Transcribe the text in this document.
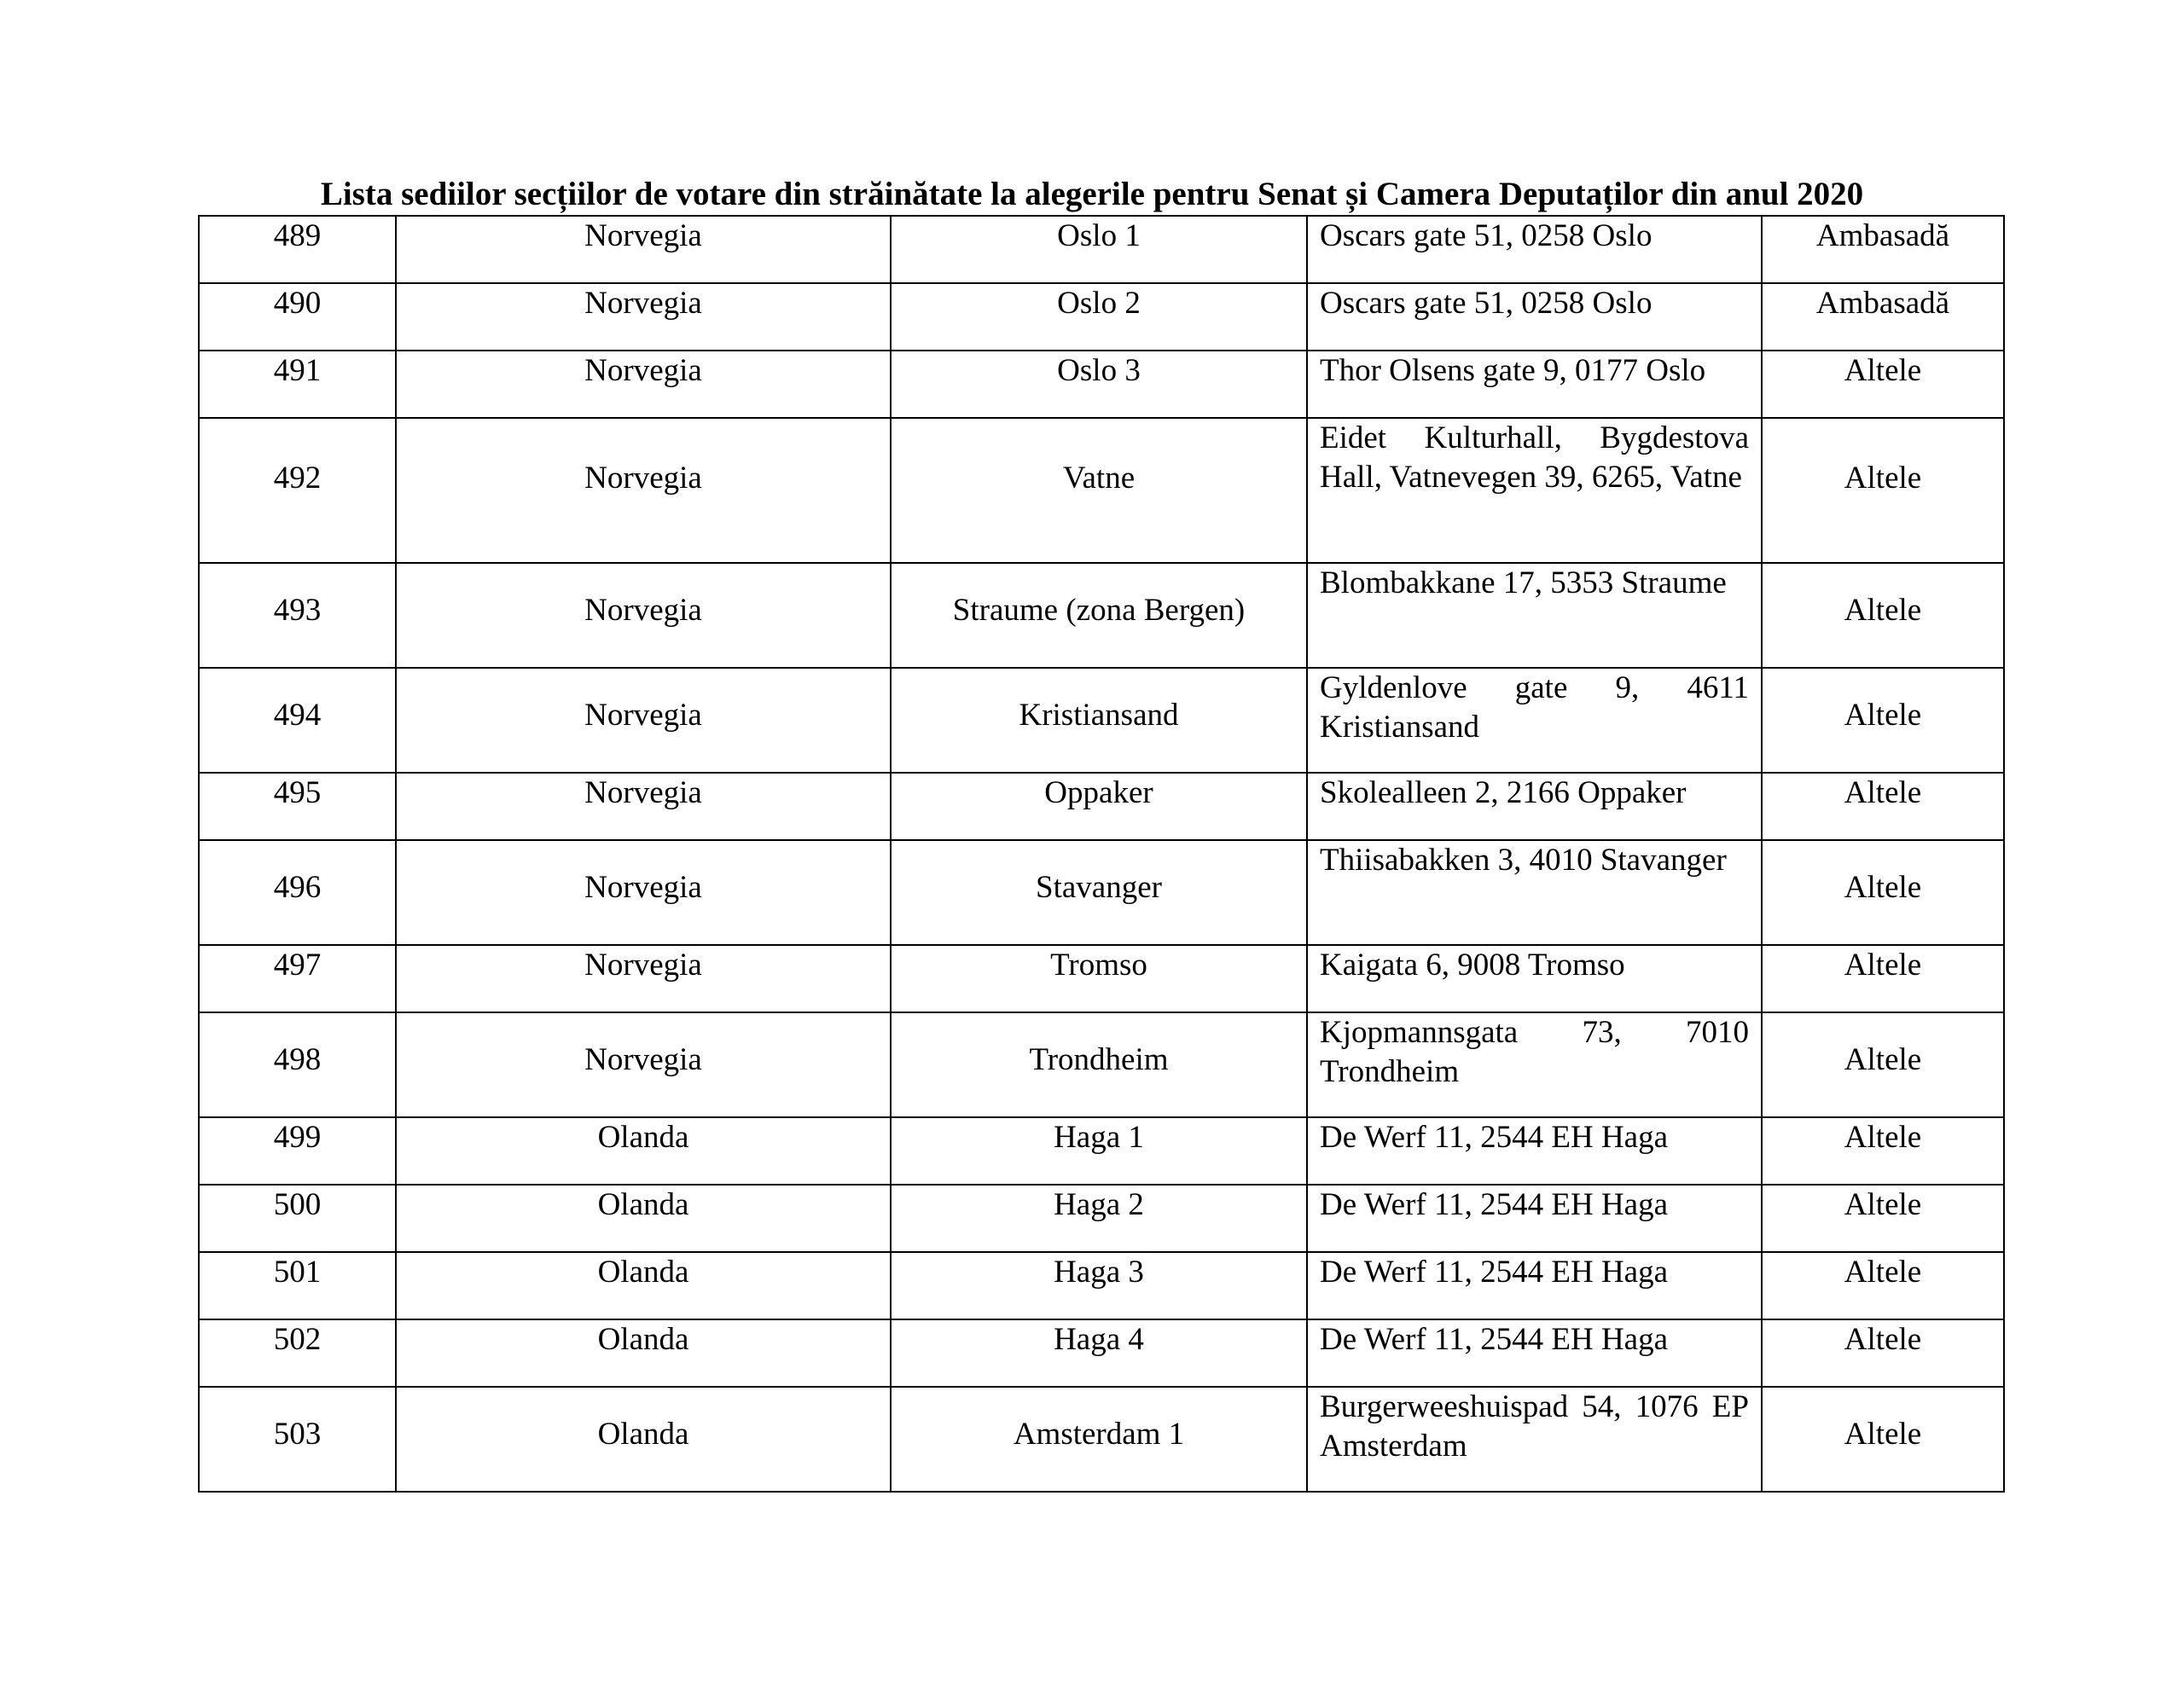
Lista sediilor secțiilor de votare din străinătate la alegerile pentru Senat și Camera Deputaților din anul 2020
489	Norvegia	Oslo 1	Oscars gate 51, 0258 Oslo	Ambasadă
490	Norvegia	Oslo 2	Oscars gate 51, 0258 Oslo	Ambasadă
491	Norvegia	Oslo 3	Thor Olsens gate 9, 0177 Oslo	Altele
492	Norvegia	Vatne	Eidet Kulturhall, Bygdestova Hall, Vatnevegen 39, 6265, Vatne	Altele
493	Norvegia	Straume (zona Bergen)	Blombakkane 17, 5353 Straume	Altele
494	Norvegia	Kristiansand	Gyldenlove gate 9, 4611 Kristiansand	Altele
495	Norvegia	Oppaker	Skolealleen 2, 2166 Oppaker	Altele
496	Norvegia	Stavanger	Thiisabakken 3, 4010 Stavanger	Altele
497	Norvegia	Tromso	Kaigata 6, 9008 Tromso	Altele
498	Norvegia	Trondheim	Kjopmannsgata 73, 7010 Trondheim	Altele
499	Olanda	Haga 1	De Werf 11, 2544 EH Haga	Altele
500	Olanda	Haga 2	De Werf 11, 2544 EH Haga	Altele
501	Olanda	Haga 3	De Werf 11, 2544 EH Haga	Altele
502	Olanda	Haga 4	De Werf 11, 2544 EH Haga	Altele
503	Olanda	Amsterdam 1	Burgerweeshuispad 54, 1076 EP Amsterdam	Altele
